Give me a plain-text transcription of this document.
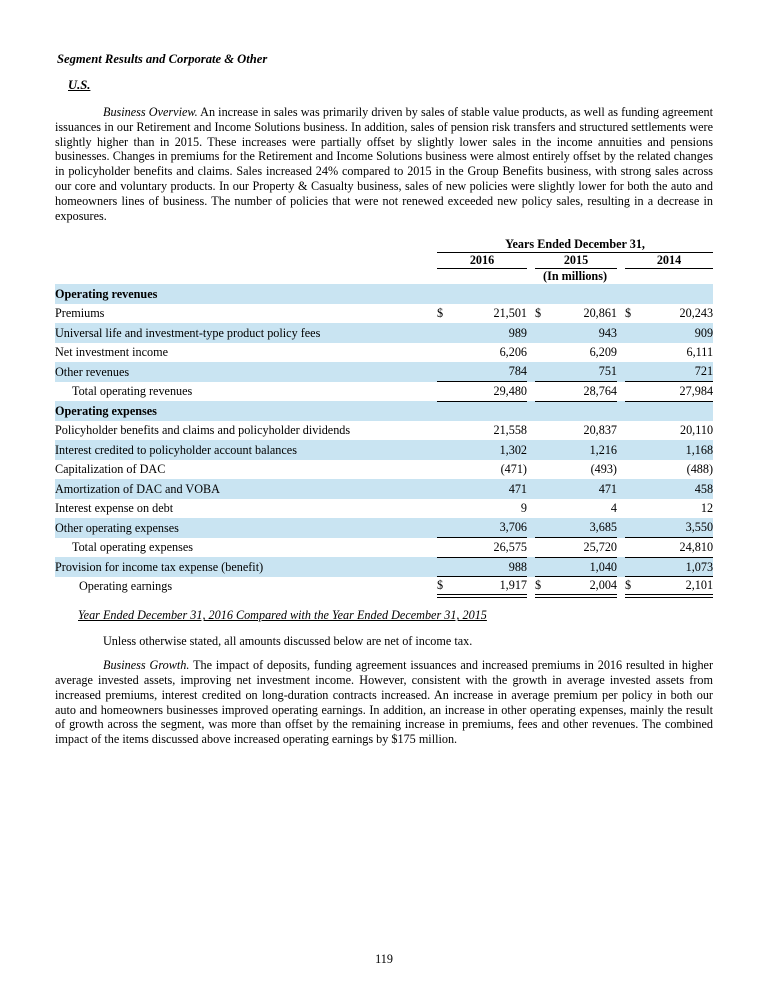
Segment Results and Corporate & Other
U.S.

Business Overview. An increase in sales was primarily driven by sales of stable value products, as well as funding agreement issuances in our Retirement and Income Solutions business. In addition, sales of pension risk transfers and structured settlements were slightly higher than in 2015. These increases were partially offset by slightly lower sales in the income annuities and pensions businesses. Changes in premiums for the Retirement and Income Solutions business were almost entirely offset by the related changes in policyholder benefits and claims. Sales increased 24% compared to 2015 in the Group Benefits business, with strong sales across our core and voluntary products. In our Property & Casualty business, sales of new policies were slightly lower for both the auto and homeowners lines of business. The number of policies that were not renewed exceeded new policy sales, resulting in a decrease in exposures.

	Years Ended December 31,							
	2016			2015			2014	
	(In millions)							
Operating revenues								
Premiums	$	21,501		$	20,861		$	20,243
Universal life and investment-type product policy fees		989			943			909
Net investment income		6,206			6,209			6,111
Other revenues		784			751			721
Total operating revenues		29,480			28,764			27,984
Operating expenses								
Policyholder benefits and claims and policyholder dividends		21,558			20,837			20,110
Interest credited to policyholder account balances		1,302			1,216			1,168
Capitalization of DAC		(471)			(493)			(488)
Amortization of DAC and VOBA		471			471			458
Interest expense on debt		9			4			12
Other operating expenses		3,706			3,685			3,550
Total operating expenses		26,575			25,720			24,810
Provision for income tax expense (benefit)		988			1,040			1,073
Operating earnings	$	1,917		$	2,004		$	2,101
Year Ended December 31, 2016 Compared with the Year Ended December 31, 2015

Unless otherwise stated, all amounts discussed below are net of income tax.

Business Growth. The impact of deposits, funding agreement issuances and increased premiums in 2016 resulted in higher average invested assets, improving net investment income. However, consistent with the growth in average invested assets from increased premiums, interest credited on long-duration contracts increased. An increase in average premium per policy in both our auto and homeowners businesses improved operating earnings. In addition, an increase in other operating expenses, mainly the result of growth across the segment, was more than offset by the remaining increase in premiums, fees and other revenues. The combined impact of the items discussed above increased operating earnings by $175 million.

119
